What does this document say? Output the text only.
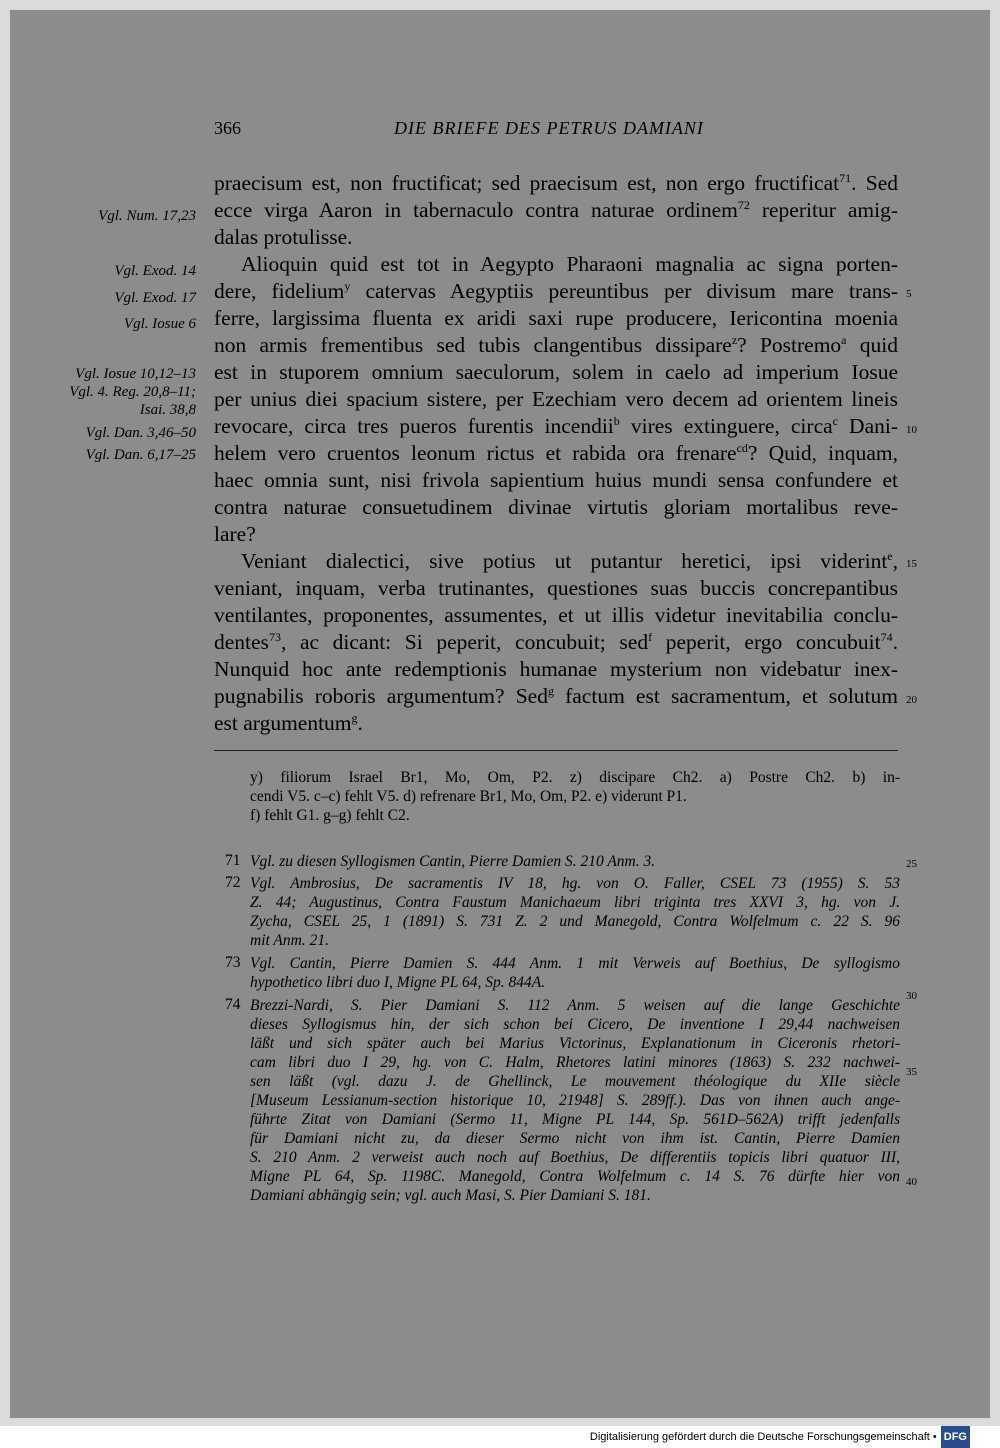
366	DIE BRIEFE DES PETRUS DAMIANI
Vgl. Num. 17,23
Vgl. Exod. 14
Vgl. Exod. 17
Vgl. Iosue 6
Vgl. Iosue 10,12–13
Vgl. 4. Reg. 20,8–11;
Isai. 38,8
Vgl. Dan. 3,46–50
Vgl. Dan. 6,17–25
praecisum est, non fructificat; sed praecisum est, non ergo fructificat$^{71}$. Sed
ecce virga Aaron in tabernaculo contra naturae ordinem$^{72}$ reperitur amig-
dalas protulisse.
Alioquin quid est tot in Aegypto Pharaoni magnalia ac signa porten-
dere, fidelium$^y$ catervas Aegyptiis pereuntibus per divisum mare trans-
ferre, largissima fluenta ex aridi saxi rupe producere, Iericontina moenia
non armis frementibus sed tubis clangentibus dissipare$^z$? Postremo$^a$ quid
est in stuporem omnium saeculorum, solem in caelo ad imperium Iosue
per unius diei spacium sistere, per Ezechiam vero decem ad orientem lineis
revocare, circa tres pueros furentis incendii$^b$ vires extinguere, circa$^c$ Dani-
helem vero cruentos leonum rictus et rabida ora frenare$^{cd}$? Quid, inquam,
haec omnia sunt, nisi frivola sapientium huius mundi sensa confundere et
contra naturae consuetudinem divinae virtutis gloriam mortalibus reve-
lare?
Veniant dialectici, sive potius ut putantur heretici, ipsi viderint$^e$,
veniant, inquam, verba trutinantes, questiones suas buccis concrepantibus
ventilantes, proponentes, assumentes, et ut illis videtur inevitabilia conclu-
dentes$^{73}$, ac dicant: Si peperit, concubuit; sed$^f$ peperit, ergo concubuit$^{74}$.
Nunquid hoc ante redemptionis humanae mysterium non videbatur inex-
pugnabilis roboris argumentum? Sed$^g$ factum est sacramentum, et solutum
est argumentum$^g$.
5
10
15
20
25
30
35
40
y) filiorum Israel Br1, Mo, Om, P2. z) discipare Ch2. a) Postre Ch2. b) in-
cendi V5. c–c) fehlt V5. d) refrenare Br1, Mo, Om, P2. e) viderunt P1.
f) fehlt G1. g–g) fehlt C2.
71 Vgl. zu diesen Syllogismen Cantin, Pierre Damien S. 210 Anm. 3.
72 Vgl. Ambrosius, De sacramentis IV 18, hg. von O. Faller, CSEL 73 (1955) S. 53
Z. 44; Augustinus, Contra Faustum Manichaeum libri triginta tres XXVI 3, hg. von J.
Zycha, CSEL 25, 1 (1891) S. 731 Z. 2 und Manegold, Contra Wolfelmum c. 22 S. 96
mit Anm. 21.
73 Vgl. Cantin, Pierre Damien S. 444 Anm. 1 mit Verweis auf Boethius, De syllogismo
hypothetico libri duo I, Migne PL 64, Sp. 844A.
74 Brezzi-Nardi, S. Pier Damiani S. 112 Anm. 5 weisen auf die lange Geschichte
dieses Syllogismus hin, der sich schon bei Cicero, De inventione I 29,44 nachweisen
läßt und sich später auch bei Marius Victorinus, Explanationum in Ciceronis rhetori-
cam libri duo I 29, hg. von C. Halm, Rhetores latini minores (1863) S. 232 nachwei-
sen läßt (vgl. dazu J. de Ghellinck, Le mouvement théologique du XIIe siècle
[Museum Lessianum-section historique 10, 21948] S. 289ff.). Das von ihnen auch ange-
führte Zitat von Damiani (Sermo 11, Migne PL 144, Sp. 561D–562A) trifft jedenfalls
für Damiani nicht zu, da dieser Sermo nicht von ihm ist. Cantin, Pierre Damien
S. 210 Anm. 2 verweist auch noch auf Boethius, De differentiis topicis libri quatuor III,
Migne PL 64, Sp. 1198C. Manegold, Contra Wolfelmum c. 14 S. 76 dürfte hier von
Damiani abhängig sein; vgl. auch Masi, S. Pier Damiani S. 181.
Digitalisierung gefördert durch die Deutsche Forschungsgemeinschaft • DFG
